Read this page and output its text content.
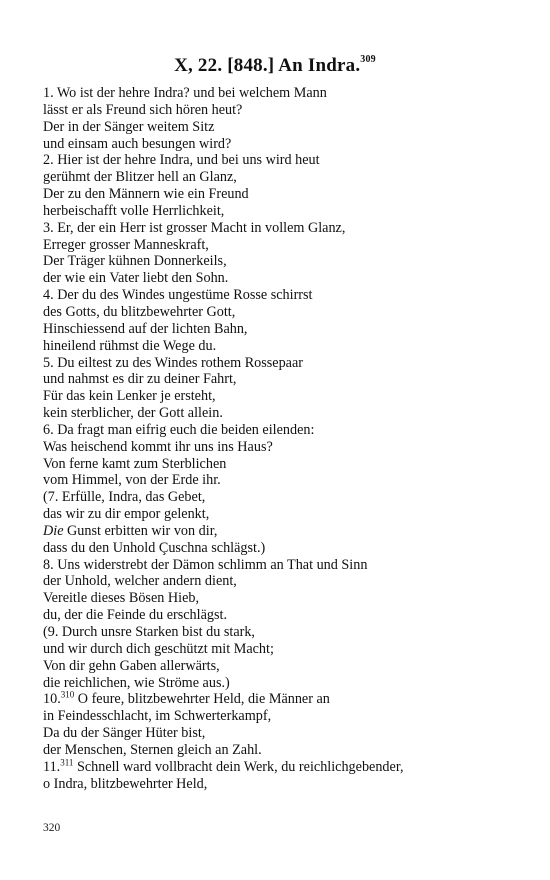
X, 22. [848.] An Indra.$^{309}$
1. Wo ist der hehre Indra? und bei welchem Mann
lässt er als Freund sich hören heut?
Der in der Sänger weitem Sitz
und einsam auch besungen wird?
2. Hier ist der hehre Indra, und bei uns wird heut
gerühmt der Blitzer hell an Glanz,
Der zu den Männern wie ein Freund
herbeischafft volle Herrlichkeit,
3. Er, der ein Herr ist grosser Macht in vollem Glanz,
Erreger grosser Manneskraft,
Der Träger kühnen Donnerkeils,
der wie ein Vater liebt den Sohn.
4. Der du des Windes ungestüme Rosse schirrst
des Gotts, du blitzbewehrter Gott,
Hinschiessend auf der lichten Bahn,
hineilend rühmst die Wege du.
5. Du eiltest zu des Windes rothem Rossepaar
und nahmst es dir zu deiner Fahrt,
Für das kein Lenker je ersteht,
kein sterblicher, der Gott allein.
6. Da fragt man eifrig euch die beiden eilenden:
Was heischend kommt ihr uns ins Haus?
Von ferne kamt zum Sterblichen
vom Himmel, von der Erde ihr.
(7. Erfülle, Indra, das Gebet,
das wir zu dir empor gelenkt,
Die Gunst erbitten wir von dir,
dass du den Unhold Çuschna schlägst.)
8. Uns widerstrebt der Dämon schlimm an That und Sinn
der Unhold, welcher andern dient,
Vereitle dieses Bösen Hieb,
du, der die Feinde du erschlägst.
(9. Durch unsre Starken bist du stark,
und wir durch dich geschützt mit Macht;
Von dir gehn Gaben allerwärts,
die reichlichen, wie Ströme aus.)
10.$^{310}$ O feure, blitzbewehrter Held, die Männer an
in Feindesschlacht, im Schwerterkampf,
Da du der Sänger Hüter bist,
der Menschen, Sternen gleich an Zahl.
11.$^{311}$ Schnell ward vollbracht dein Werk, du reichlichgebender,
o Indra, blitzbewehrter Held,
320
